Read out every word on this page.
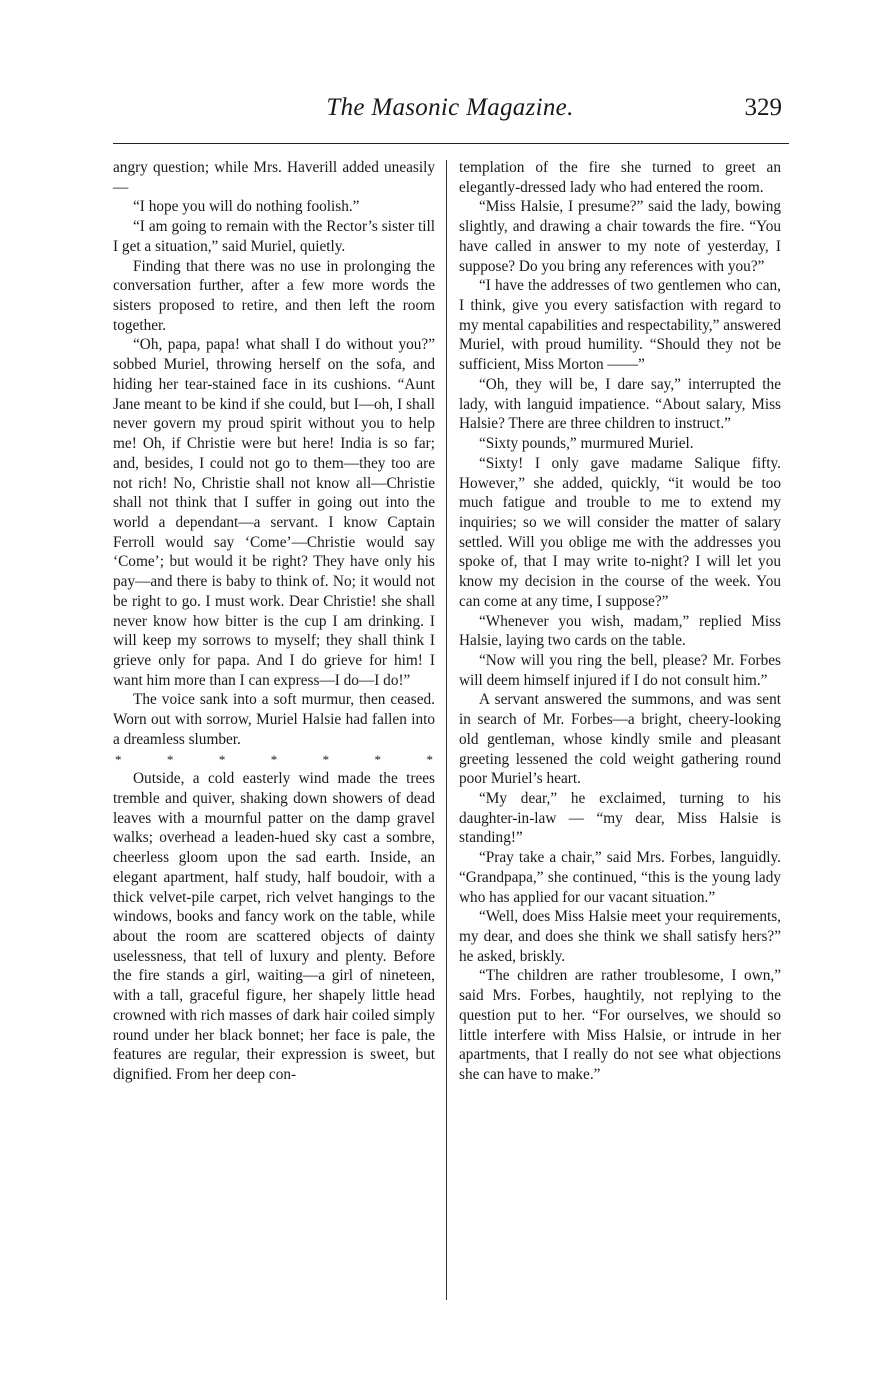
The Masonic Magazine.	329

angry question; while Mrs. Haverill added uneasily—

“I hope you will do nothing foolish.”

“I am going to remain with the Rector’s sister till I get a situation,” said Muriel, quietly.

Finding that there was no use in prolonging the conversation further, after a few more words the sisters proposed to retire, and then left the room together.

“Oh, papa, papa! what shall I do without you?” sobbed Muriel, throwing herself on the sofa, and hiding her tear-stained face in its cushions. “Aunt Jane meant to be kind if she could, but I—oh, I shall never govern my proud spirit without you to help me! Oh, if Christie were but here! India is so far; and, besides, I could not go to them—they too are not rich! No, Christie shall not know all—Christie shall not think that I suffer in going out into the world a dependant—a servant. I know Captain Ferroll would say ‘Come’—Christie would say ‘Come’; but would it be right? They have only his pay—and there is baby to think of. No; it would not be right to go. I must work. Dear Christie! she shall never know how bitter is the cup I am drinking. I will keep my sorrows to myself; they shall think I grieve only for papa. And I do grieve for him! I want him more than I can express—I do—I do!”

The voice sank into a soft murmur, then ceased. Worn out with sorrow, Muriel Halsie had fallen into a dreamless slumber.

*	*	*	*	*	*	*

Outside, a cold easterly wind made the trees tremble and quiver, shaking down showers of dead leaves with a mournful patter on the damp gravel walks; overhead a leaden-hued sky cast a sombre, cheerless gloom upon the sad earth. Inside, an elegant apartment, half study, half boudoir, with a thick velvet-pile carpet, rich velvet hangings to the windows, books and fancy work on the table, while about the room are scattered objects of dainty uselessness, that tell of luxury and plenty. Before the fire stands a girl, waiting—a girl of nineteen, with a tall, graceful figure, her shapely little head crowned with rich masses of dark hair coiled simply round under her black bonnet; her face is pale, the features are regular, their expression is sweet, but dignified. From her deep con-

templation of the fire she turned to greet an elegantly-dressed lady who had entered the room.

“Miss Halsie, I presume?” said the lady, bowing slightly, and drawing a chair towards the fire. “You have called in answer to my note of yesterday, I suppose? Do you bring any references with you?”

“I have the addresses of two gentlemen who can, I think, give you every satisfaction with regard to my mental capabilities and respectability,” answered Muriel, with proud humility. “Should they not be sufficient, Miss Morton ——”

“Oh, they will be, I dare say,” interrupted the lady, with languid impatience. “About salary, Miss Halsie? There are three children to instruct.”

“Sixty pounds,” murmured Muriel.

“Sixty! I only gave madame Salique fifty. However,” she added, quickly, “it would be too much fatigue and trouble to me to extend my inquiries; so we will consider the matter of salary settled. Will you oblige me with the addresses you spoke of, that I may write to-night? I will let you know my decision in the course of the week. You can come at any time, I suppose?”

“Whenever you wish, madam,” replied Miss Halsie, laying two cards on the table.

“Now will you ring the bell, please? Mr. Forbes will deem himself injured if I do not consult him.”

A servant answered the summons, and was sent in search of Mr. Forbes—a bright, cheery-looking old gentleman, whose kindly smile and pleasant greeting lessened the cold weight gathering round poor Muriel’s heart.

“My dear,” he exclaimed, turning to his daughter-in-law — “my dear, Miss Halsie is standing!”

“Pray take a chair,” said Mrs. Forbes, languidly. “Grandpapa,” she continued, “this is the young lady who has applied for our vacant situation.”

“Well, does Miss Halsie meet your requirements, my dear, and does she think we shall satisfy hers?” he asked, briskly.

“The children are rather troublesome, I own,” said Mrs. Forbes, haughtily, not replying to the question put to her. “For ourselves, we should so little interfere with Miss Halsie, or intrude in her apartments, that I really do not see what objections she can have to make.”
